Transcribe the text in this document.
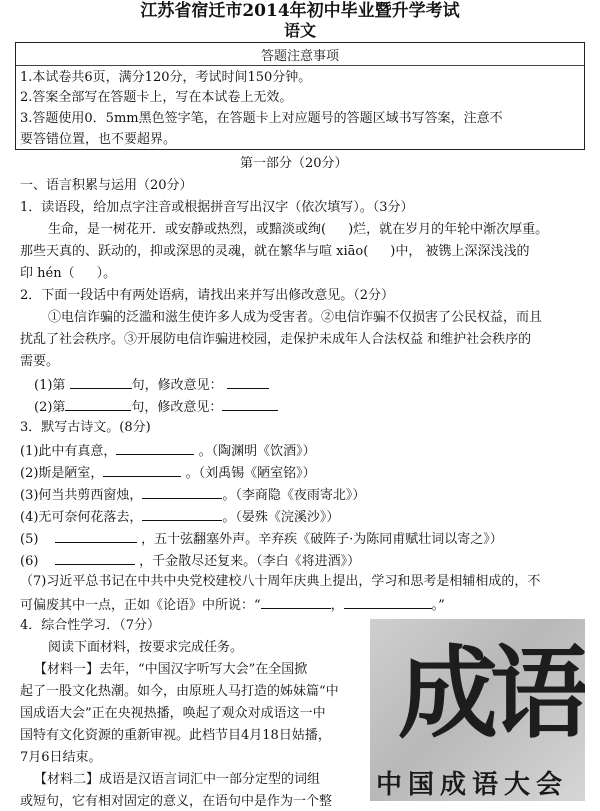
江苏省宿迁市2014年初中毕业暨升学考试
语文
答题注意事项
1.本试卷共6页，满分120分，考试时间150分钟。
2.答案全部写在答题卡上，写在本试卷上无效。
3.答题使用0．5mm黑色签字笔，在答题卡上对应题号的答题区域书写答案，注意不
要答错位置，也不要超界。
第一部分（20分）
一、语言积累与运用（20分）
1．读语段，给加点字注音或根据拼音写出汉字（依次填写）。（3分）
生命，是一树花开．或安静或热烈，或黯淡或绚( )烂，就在岁月的年轮中渐次厚重。
那些天真的、跃动的，抑或深思的灵魂，就在繁华与喧 xiāo( )中， 被镌上深深浅浅的
印 hén（ ）。
2．下面一段话中有两处语病，请找出来并写出修改意见。（2分）
①电信诈骗的泛滥和滋生使许多人成为受害者。②电信诈骗不仅损害了公民权益，而且
扰乱了社会秩序。③开展防电信诈骗进校园，走保护未成年人合法权益 和维护社会秩序的
需要。
(1)第	句，修改意见：
(2)第	句，修改意见：
3．默写古诗文。(8分)
(1)此中有真意，	。（陶渊明《饮酒》）
(2)斯是陋室，	。（刘禹锡《陋室铭》）
(3)何当共剪西窗烛，	。（李商隐《夜雨寄北》）
(4)无可奈何花落去，	。（晏殊《浣溪沙》）
(5)	，五十弦翻塞外声。辛弃疾《破阵子·为陈同甫赋壮词以寄之》）
(6)	，千金散尽还复来。（李白《将进酒》）
（7)习近平总书记在中共中央党校建校八十周年庆典上提出，学习和思考是相辅相成的，不
可偏废其中一点，正如《论语》中所说：“	，	。”
4．综合性学习．（7分）
阅读下面材料，按要求完成任务。
【材料一】去年，“中国汉字听写大会”在全国掀
起了一股文化热潮。如今，由原班人马打造的姊妹篇“中
国成语大会”正在央视热播，唤起了观众对成语这一中
国特有文化资源的重新审视。此档节目4月18日姑播，
7月6日结束。
【材料二】成语是汉语言词汇中一部分定型的词组
或短句，它有相对固定的意义，在语句中是作为一个整
成语
中国成语大会
